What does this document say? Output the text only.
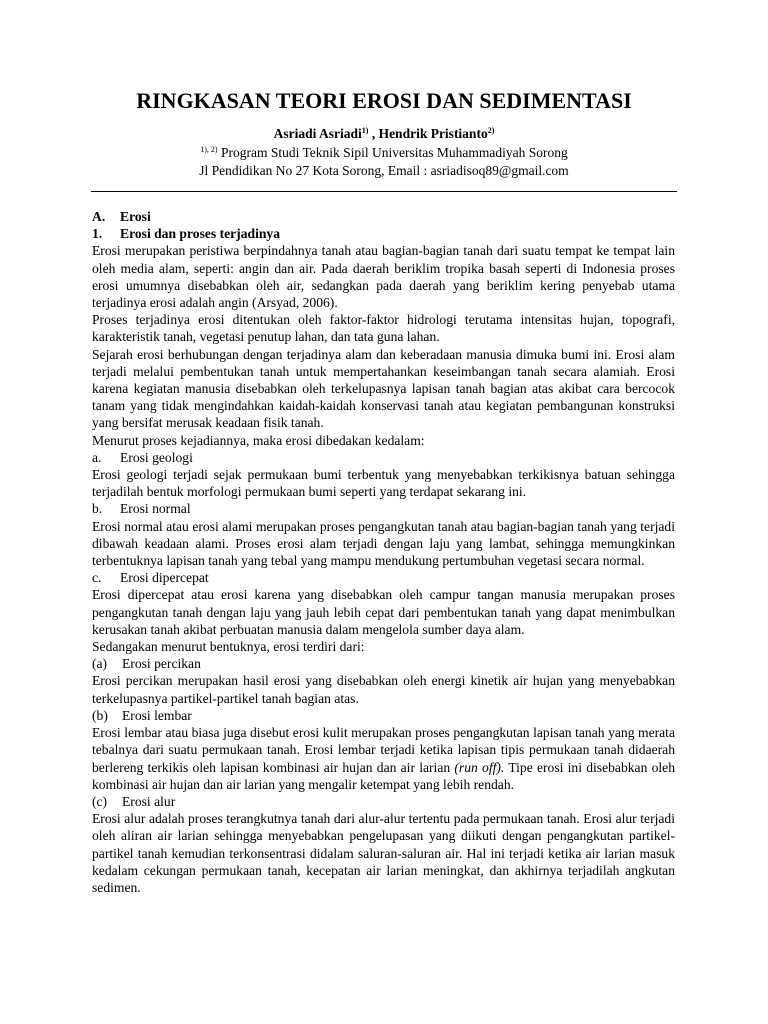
RINGKASAN TEORI EROSI DAN SEDIMENTASI
Asriadi Asriadi$^{1)}$ , Hendrik Pristianto$^{2)}$
$^{1), 2)}$ Program Studi Teknik Sipil Universitas Muhammadiyah Sorong
Jl Pendidikan No 27 Kota Sorong, Email : asriadisoq89@gmail.com

A. Erosi

1. Erosi dan proses terjadinya

Erosi merupakan peristiwa berpindahnya tanah atau bagian-bagian tanah dari suatu tempat ke tempat lain oleh media alam, seperti: angin dan air. Pada daerah beriklim tropika basah seperti di Indonesia proses erosi umumnya disebabkan oleh air, sedangkan pada daerah yang beriklim kering penyebab utama terjadinya erosi adalah angin (Arsyad, 2006).

Proses terjadinya erosi ditentukan oleh faktor-faktor hidrologi terutama intensitas hujan, topografi, karakteristik tanah, vegetasi penutup lahan, dan tata guna lahan.

Sejarah erosi berhubungan dengan terjadinya alam dan keberadaan manusia dimuka bumi ini. Erosi alam terjadi melalui pembentukan tanah untuk mempertahankan keseimbangan tanah secara alamiah. Erosi karena kegiatan manusia disebabkan oleh terkelupasnya lapisan tanah bagian atas akibat cara bercocok tanam yang tidak mengindahkan kaidah-kaidah konservasi tanah atau kegiatan pembangunan konstruksi yang bersifat merusak keadaan fisik tanah.

Menurut proses kejadiannya, maka erosi dibedakan kedalam:

a. Erosi geologi

Erosi geologi terjadi sejak permukaan bumi terbentuk yang menyebabkan terkikisnya batuan sehingga terjadilah bentuk morfologi permukaan bumi seperti yang terdapat sekarang ini.

b. Erosi normal

Erosi normal atau erosi alami merupakan proses pengangkutan tanah atau bagian-bagian tanah yang terjadi dibawah keadaan alami. Proses erosi alam terjadi dengan laju yang lambat, sehingga memungkinkan terbentuknya lapisan tanah yang tebal yang mampu mendukung pertumbuhan vegetasi secara normal.

c. Erosi dipercepat

Erosi dipercepat atau erosi karena yang disebabkan oleh campur tangan manusia merupakan proses pengangkutan tanah dengan laju yang jauh lebih cepat dari pembentukan tanah yang dapat menimbulkan kerusakan tanah akibat perbuatan manusia dalam mengelola sumber daya alam.

Sedangakan menurut bentuknya, erosi terdiri dari:

(a) Erosi percikan

Erosi percikan merupakan hasil erosi yang disebabkan oleh energi kinetik air hujan yang menyebabkan terkelupasnya partikel-partikel tanah bagian atas.

(b) Erosi lembar

Erosi lembar atau biasa juga disebut erosi kulit merupakan proses pengangkutan lapisan tanah yang merata tebalnya dari suatu permukaan tanah. Erosi lembar terjadi ketika lapisan tipis permukaan tanah didaerah berlereng terkikis oleh lapisan kombinasi air hujan dan air larian (run off). Tipe erosi ini disebabkan oleh kombinasi air hujan dan air larian yang mengalir ketempat yang lebih rendah.

(c) Erosi alur

Erosi alur adalah proses terangkutnya tanah dari alur-alur tertentu pada permukaan tanah. Erosi alur terjadi oleh aliran air larian sehingga menyebabkan pengelupasan yang diikuti dengan pengangkutan partikel-partikel tanah kemudian terkonsentrasi didalam saluran-saluran air. Hal ini terjadi ketika air larian masuk kedalam cekungan permukaan tanah, kecepatan air larian meningkat, dan akhirnya terjadilah angkutan sedimen.
